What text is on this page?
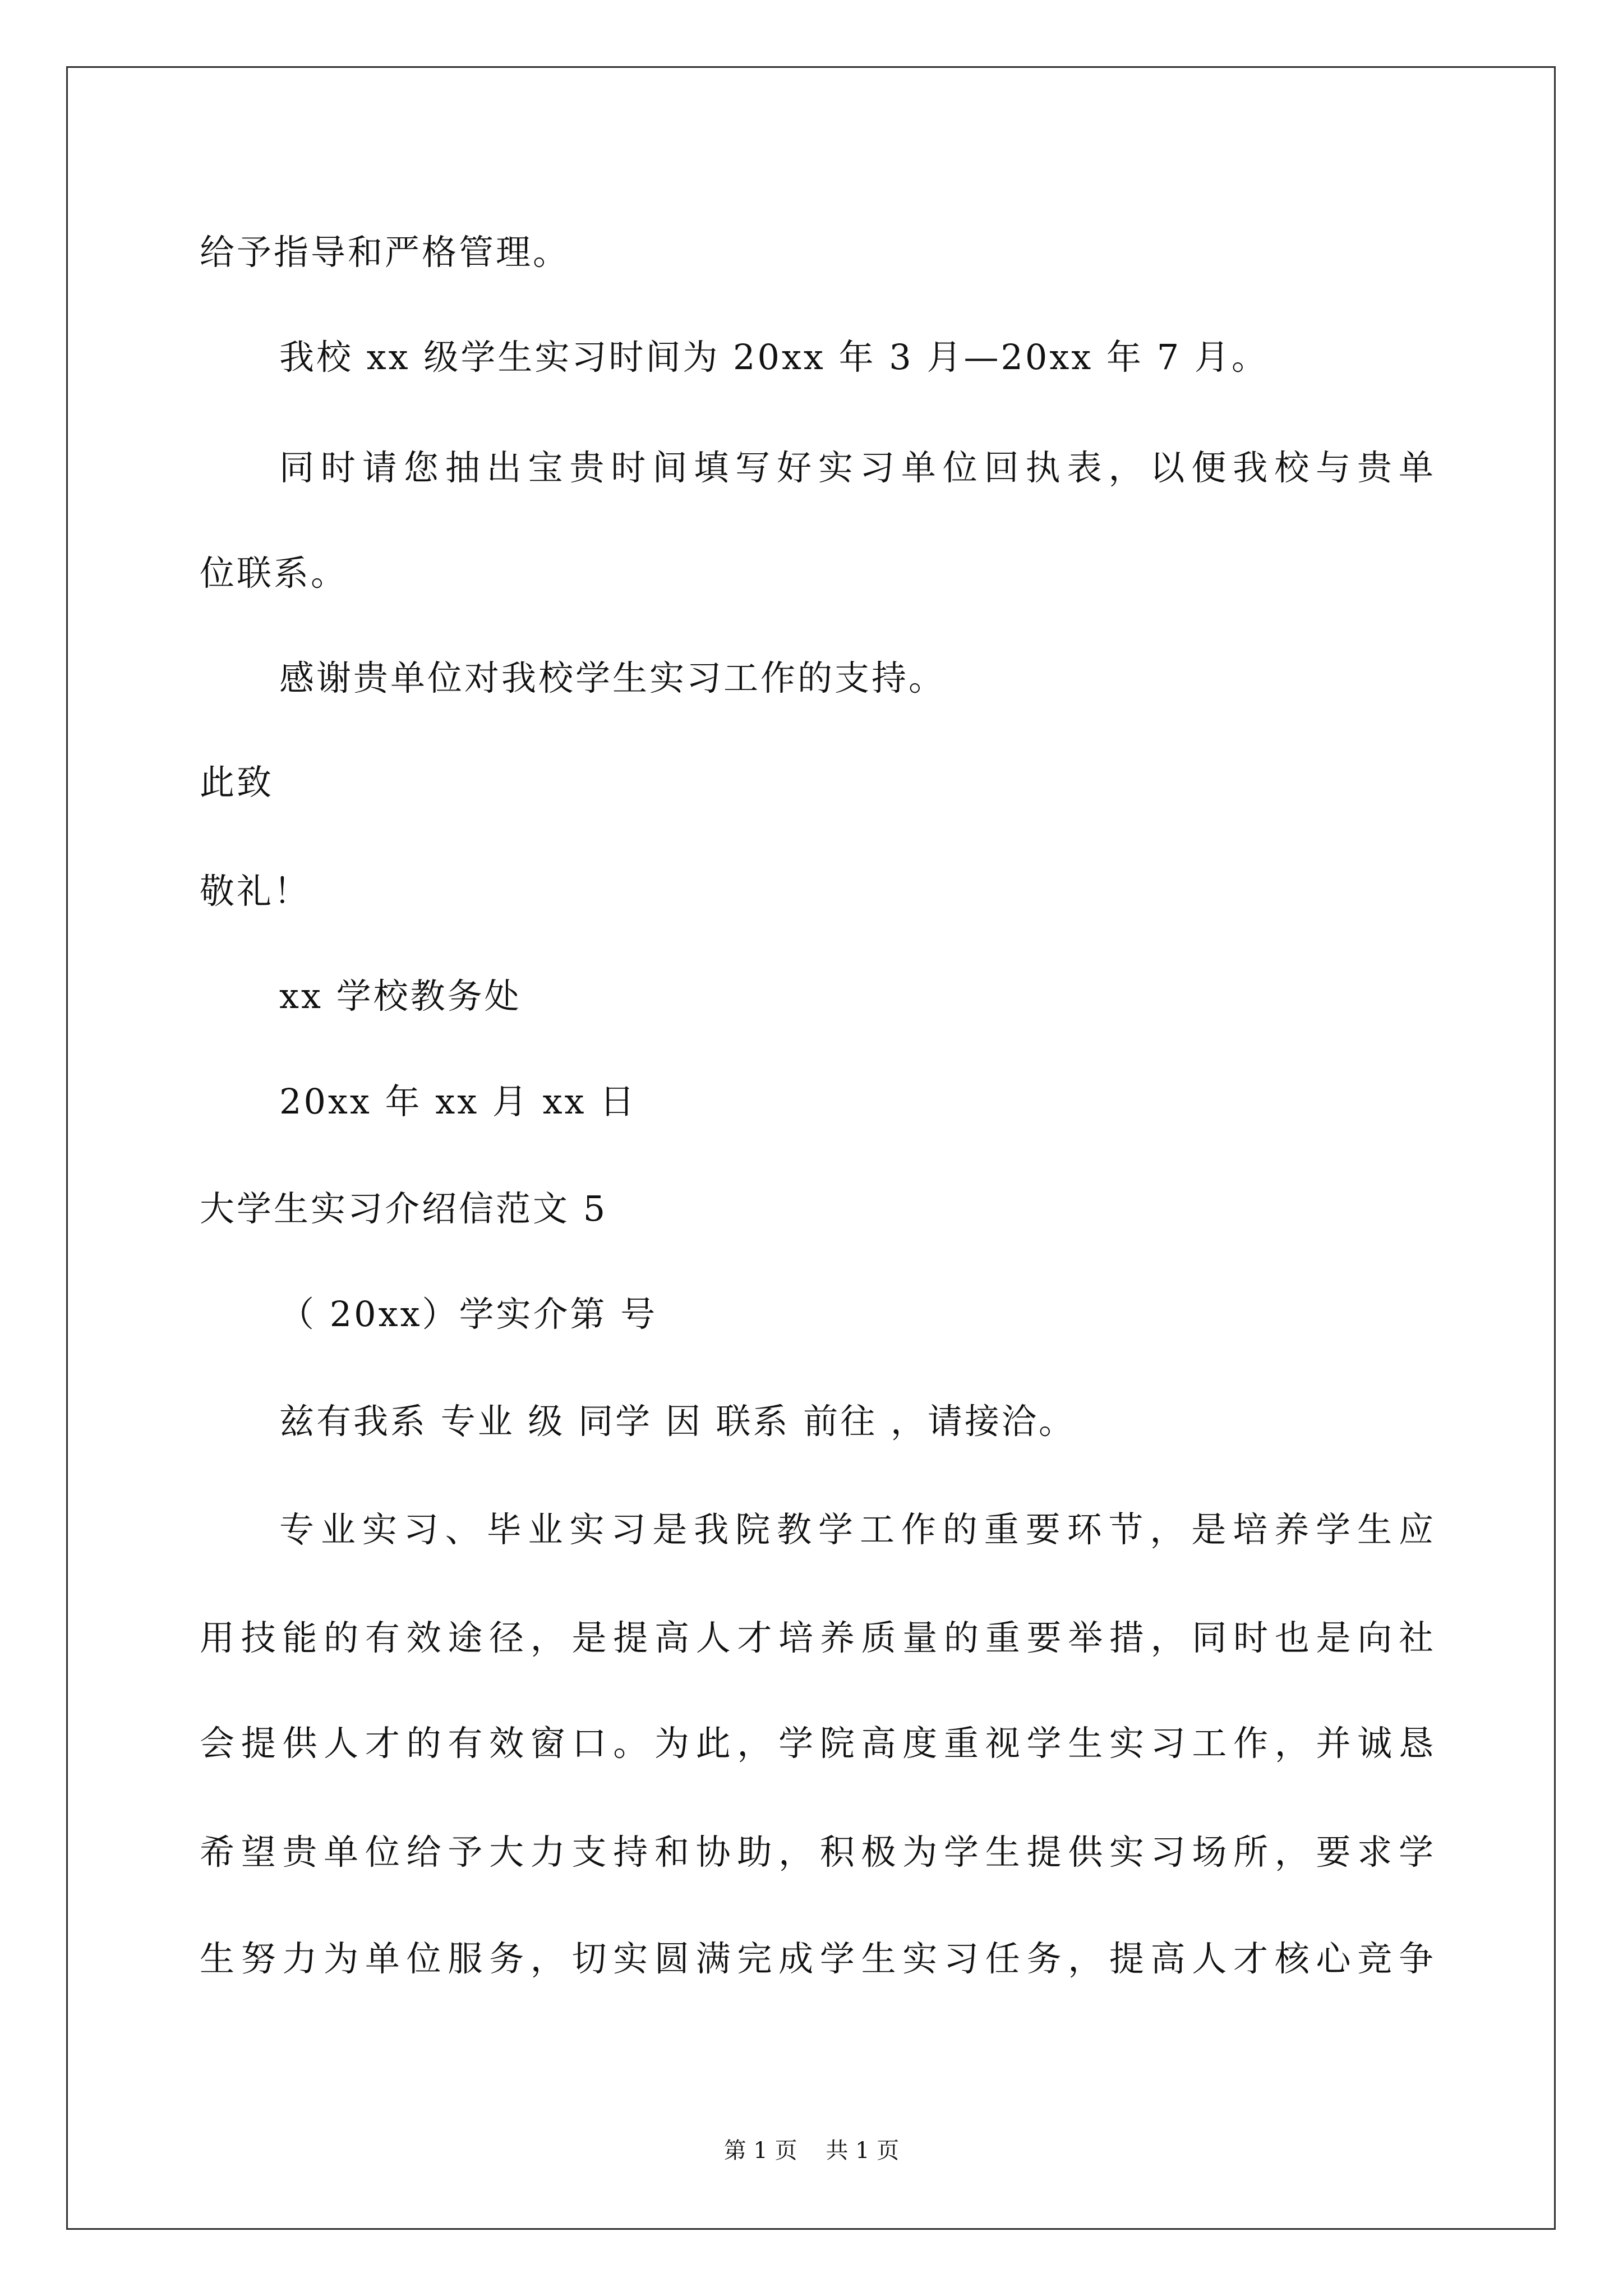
给予指导和严格管理。
我校 xx 级学生实习时间为 20xx 年 3 月—20xx 年 7 月。
同时请您抽出宝贵时间填写好实习单位回执表，以便我校与贵单
位联系。
感谢贵单位对我校学生实习工作的支持。
此致
敬礼！
xx 学校教务处
20xx 年 xx 月 xx 日
大学生实习介绍信范文 5
（ 20xx）学实介第 号
兹有我系 专业 级 同学 因 联系 前往 ，请接洽。
专业实习、毕业实习是我院教学工作的重要环节，是培养学生应
用技能的有效途径，是提高人才培养质量的重要举措，同时也是向社
会提供人才的有效窗口。为此，学院高度重视学生实习工作，并诚恳
希望贵单位给予大力支持和协助，积极为学生提供实习场所，要求学
生努力为单位服务，切实圆满完成学生实习任务，提高人才核心竞争
第 1 页    共 1 页
